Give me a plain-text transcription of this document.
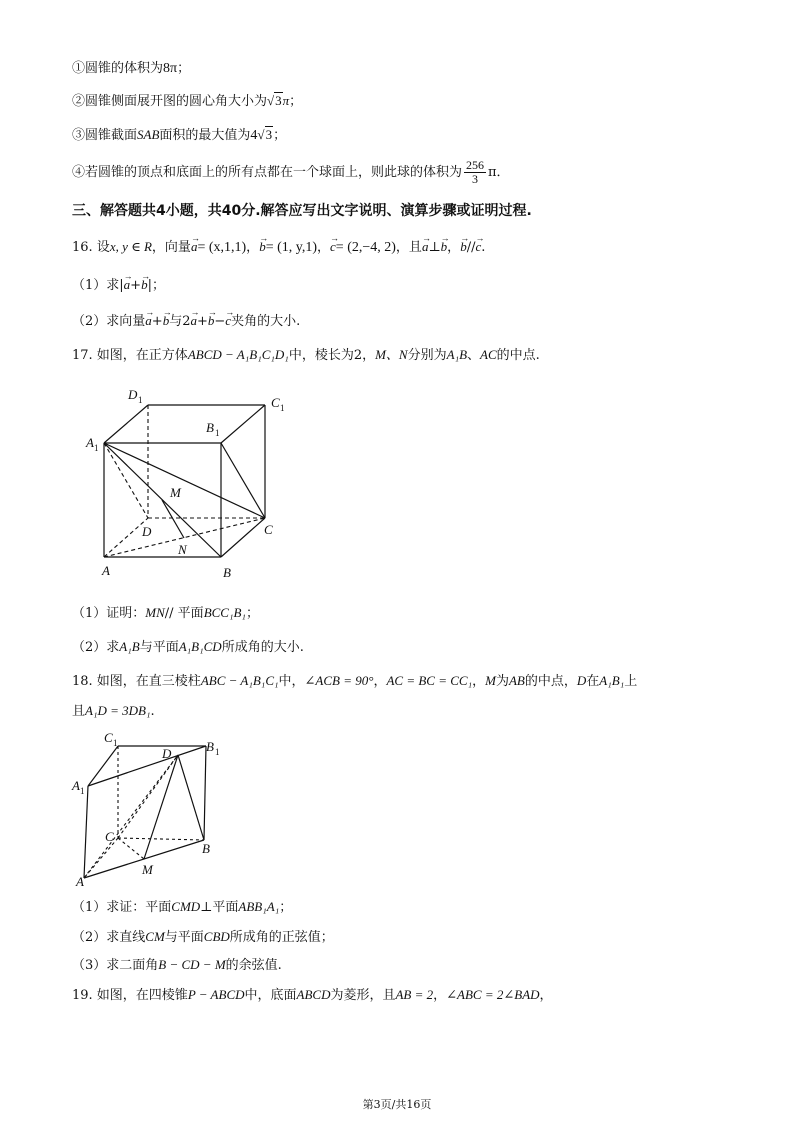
①圆锥的体积为8π；
②圆锥侧面展开图的圆心角大小为√3π；
③圆锥截面SAB面积的最大值为4√3；
④若圆锥的顶点和底面上的所有点都在一个球面上，则此球的体积为 $\frac{256}{3}$ π．
三、解答题共4小题，共40分.解答应写出文字说明、演算步骤或证明过程.
16. 设x, y ∈ R，向量→ a= (x,1,1)，→ b= (1, y,1)，→ c= (2,−4, 2)，且→ a⊥→ b，→ b//→ c.
（1）求|→ a+→ b|；
（2）求向量→ a+→ b与2→ a+→ b−→ c夹角的大小.
17. 如图，在正方体ABCD − A₁B₁C₁D₁中，棱长为2，M、N分别为A₁B、AC的中点.
D 1	C 1
A 1
B 1
M
D	C
N
A	B
（1）证明：MN// 平面BCC₁B₁；
（2）求A₁B与平面A₁B₁CD所成角的大小.
18. 如图，在直三棱柱ABC − A₁B₁C₁中，∠ACB = 90°，AC = BC = CC₁，M为AB的中点，D在A₁B₁上
且A₁D = 3DB₁.
C 1
D	B 1
A 1
C
B
M
A
（1）求证：平面CMD⊥平面ABB₁A₁；
（2）求直线CM与平面CBD所成角的正弦值；
（3）求二面角B − CD − M的余弦值.
19. 如图，在四棱锥P − ABCD中，底面ABCD为菱形，且AB = 2，∠ABC = 2∠BAD，
第3页/共16页
